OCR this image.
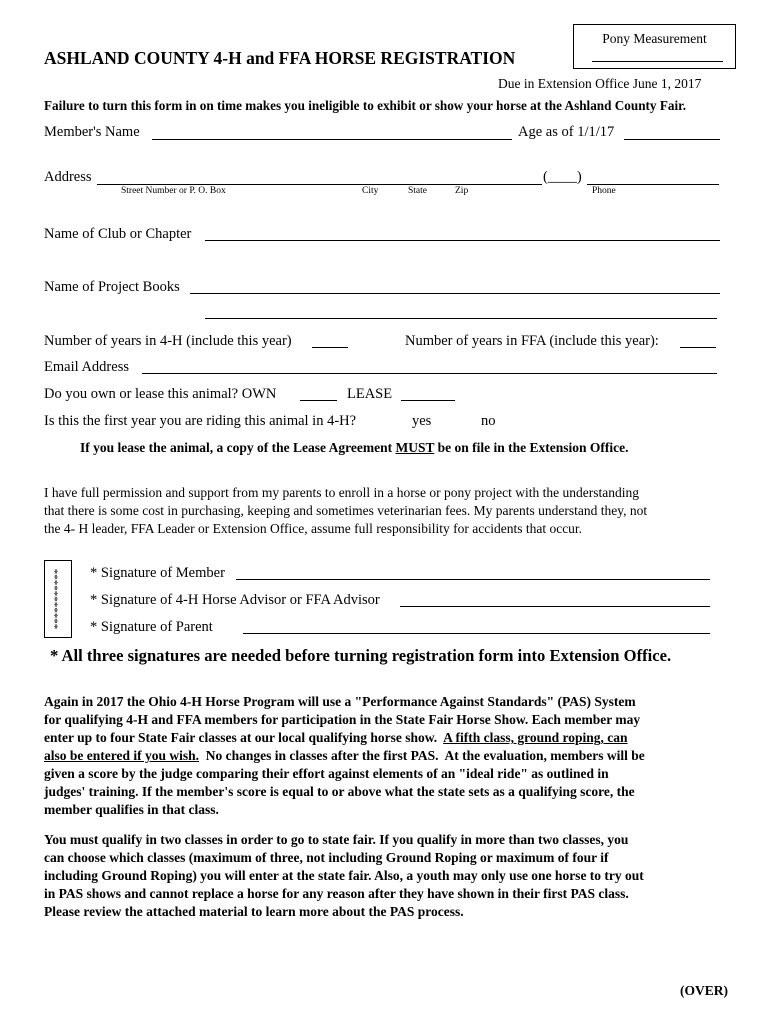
Pony Measurement
ASHLAND COUNTY 4-H and FFA HORSE REGISTRATION
Due in Extension Office June 1, 2017
Failure to turn this form in on time makes you ineligible to exhibit or show your horse at the Ashland County Fair.
Member's Name	Age as of 1/1/17
Address	(____)
Street Number or P. O. Box	City	State	Zip	Phone
Name of Club or Chapter
Name of Project Books
Number of years in 4-H (include this year)	Number of years in FFA (include this year):
Email Address
Do you own or lease this animal? OWN	LEASE
Is this the first year you are riding this animal in 4-H?	yes	no
If you lease the animal, a copy of the Lease Agreement MUST be on file in the Extension Office.
I have full permission and support from my parents to enroll in a horse or pony project with the understanding
that there is some cost in purchasing, keeping and sometimes veterinarian fees. My parents understand they, not
the 4- H leader, FFA Leader or Extension Office, assume full responsibility for accidents that occur.
*********** * Signature of Member
* Signature of 4-H Horse Advisor or FFA Advisor
* Signature of Parent
* All three signatures are needed before turning registration form into Extension Office.
Again in 2017 the Ohio 4-H Horse Program will use a "Performance Against Standards" (PAS) System
for qualifying 4-H and FFA members for participation in the State Fair Horse Show. Each member may
enter up to four State Fair classes at our local qualifying horse show.  A fifth class, ground roping, can
also be entered if you wish.  No changes in classes after the first PAS.  At the evaluation, members will be
given a score by the judge comparing their effort against elements of an "ideal ride" as outlined in
judges' training. If the member's score is equal to or above what the state sets as a qualifying score, the
member qualifies in that class.
You must qualify in two classes in order to go to state fair. If you qualify in more than two classes, you
can choose which classes (maximum of three, not including Ground Roping or maximum of four if
including Ground Roping) you will enter at the state fair. Also, a youth may only use one horse to try out
in PAS shows and cannot replace a horse for any reason after they have shown in their first PAS class.
Please review the attached material to learn more about the PAS process.
(OVER)
